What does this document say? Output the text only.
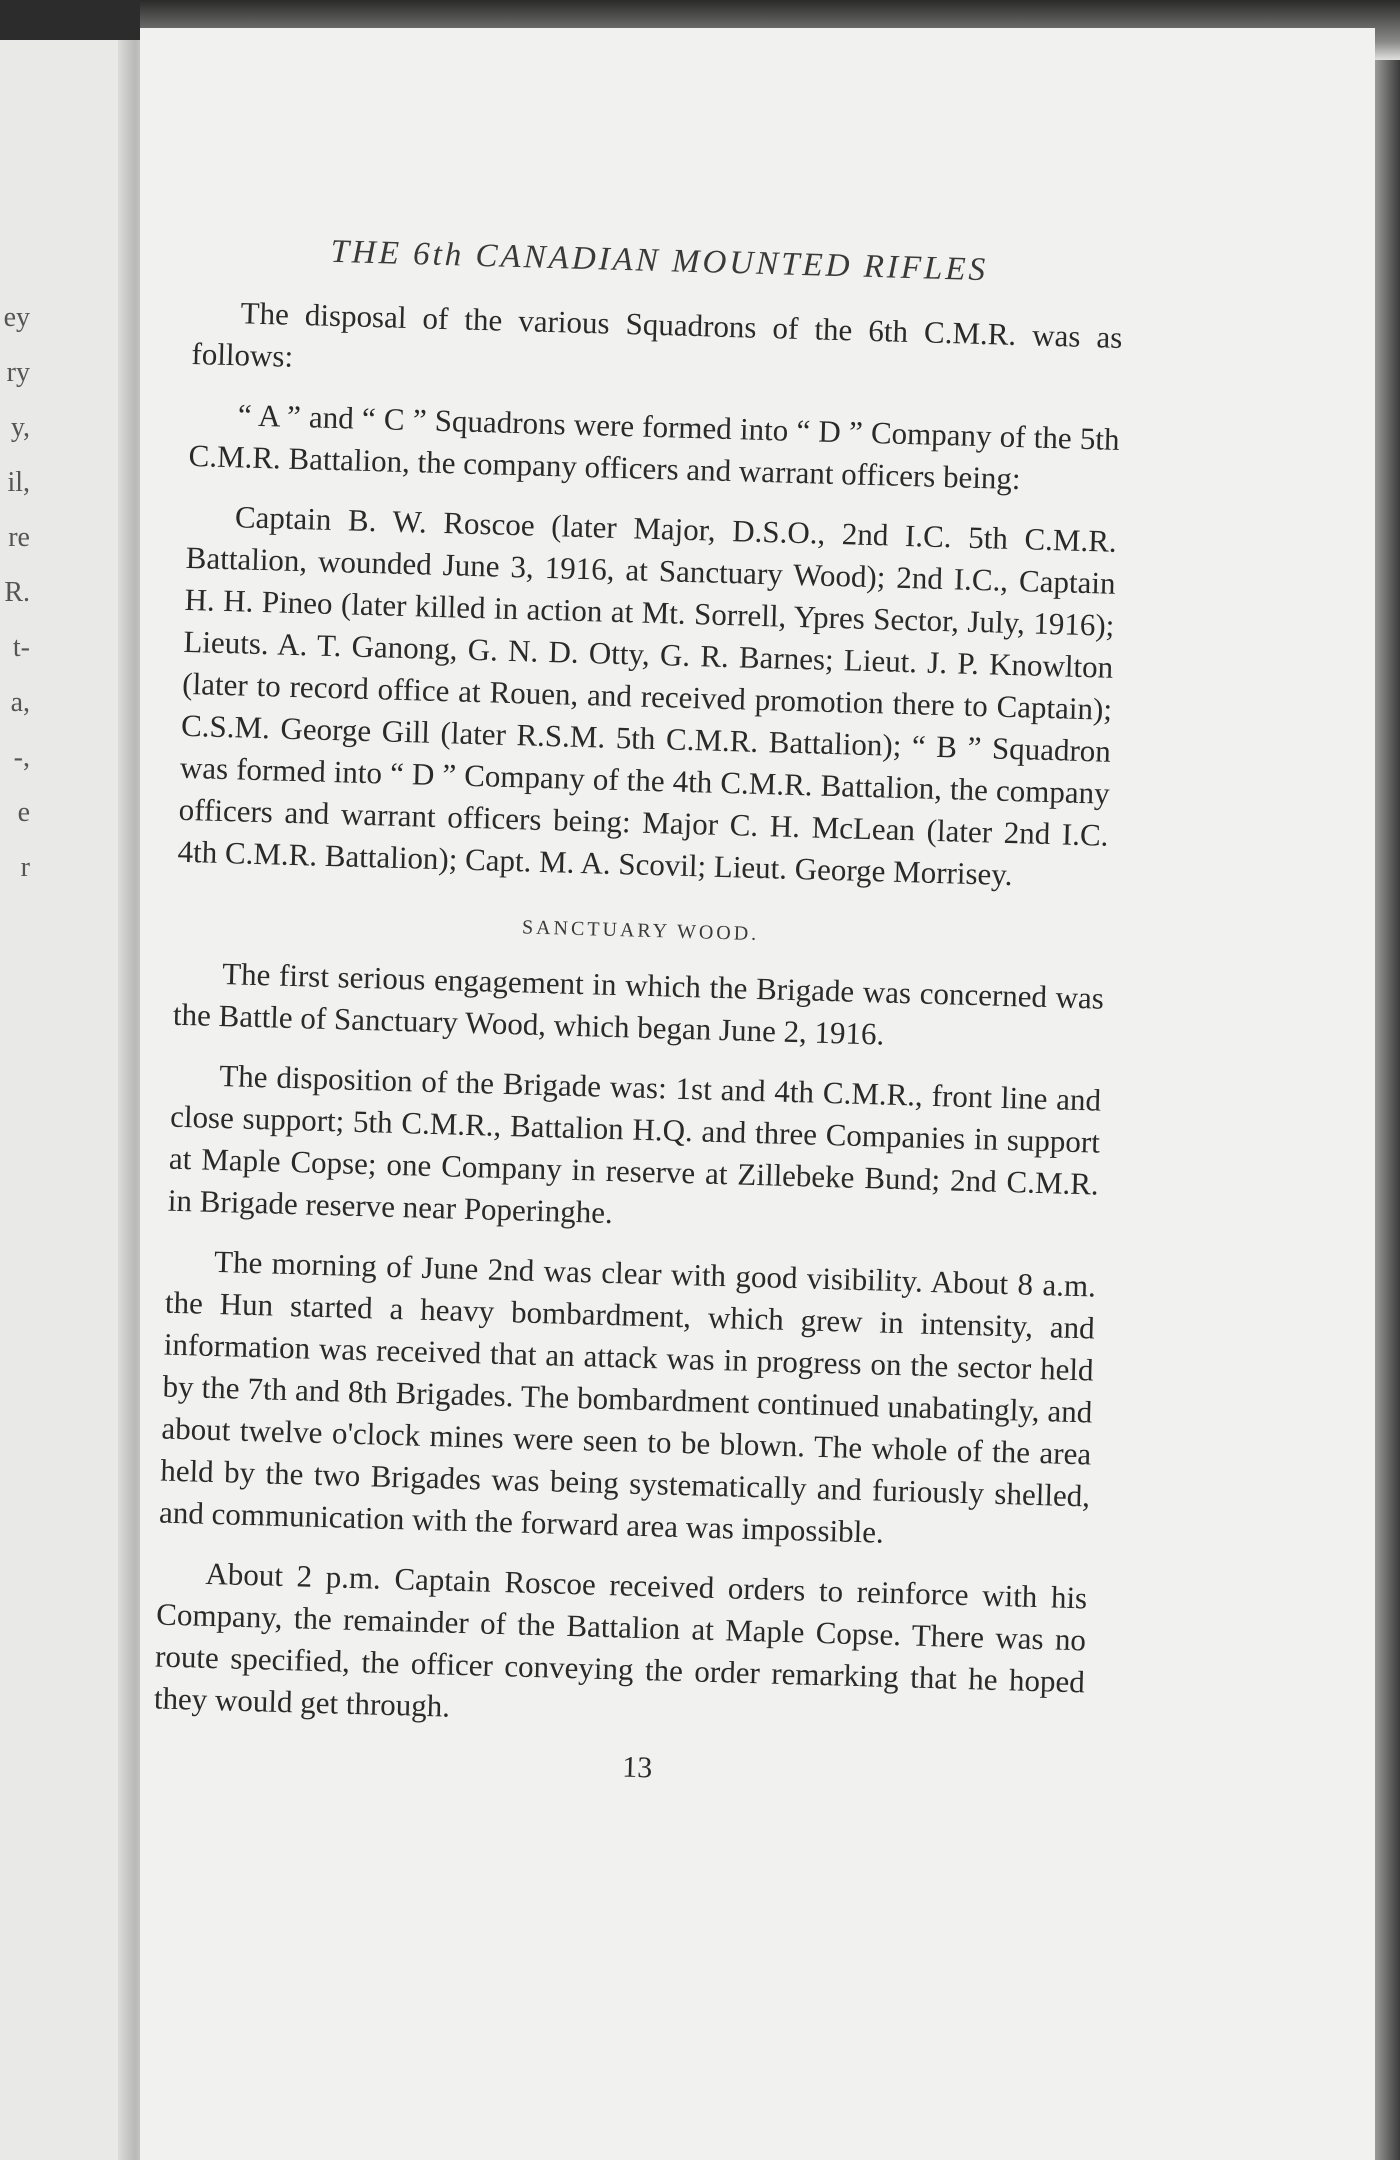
ey
ry
y,
il,
re
R.
t-
a,
-,
e
r
THE 6th CANADIAN MOUNTED RIFLES

The disposal of the various Squadrons of the 6th C.M.R. was as follows:

“ A ” and “ C ” Squadrons were formed into “ D ” Company of the 5th C.M.R. Battalion, the company officers and warrant officers being:

Captain B. W. Roscoe (later Major, D.S.O., 2nd I.C. 5th C.M.R. Battalion, wounded June 3, 1916, at Sanctuary Wood); 2nd I.C., Captain H. H. Pineo (later killed in action at Mt. Sorrell, Ypres Sector, July, 1916); Lieuts. A. T. Ganong, G. N. D. Otty, G. R. Barnes; Lieut. J. P. Knowlton (later to record office at Rouen, and received promotion there to Captain); C.S.M. George Gill (later R.S.M. 5th C.M.R. Battalion); “ B ” Squadron was formed into “ D ” Company of the 4th C.M.R. Battalion, the company officers and warrant officers being: Major C. H. McLean (later 2nd I.C. 4th C.M.R. Battalion); Capt. M. A. Scovil; Lieut. George Morrisey.

SANCTUARY WOOD.

The first serious engagement in which the Brigade was concerned was the Battle of Sanctuary Wood, which began June 2, 1916.

The disposition of the Brigade was: 1st and 4th C.M.R., front line and close support; 5th C.M.R., Battalion H.Q. and three Companies in support at Maple Copse; one Company in reserve at Zillebeke Bund; 2nd C.M.R. in Brigade reserve near Poperinghe.

The morning of June 2nd was clear with good visibility. About 8 a.m. the Hun started a heavy bombardment, which grew in intensity, and information was received that an attack was in progress on the sector held by the 7th and 8th Brigades. The bombardment continued unabatingly, and about twelve o'clock mines were seen to be blown. The whole of the area held by the two Brigades was being systematically and furiously shelled, and communication with the forward area was impossible.

About 2 p.m. Captain Roscoe received orders to reinforce with his Company, the remainder of the Battalion at Maple Copse. There was no route specified, the officer conveying the order remarking that he hoped they would get through.

13
